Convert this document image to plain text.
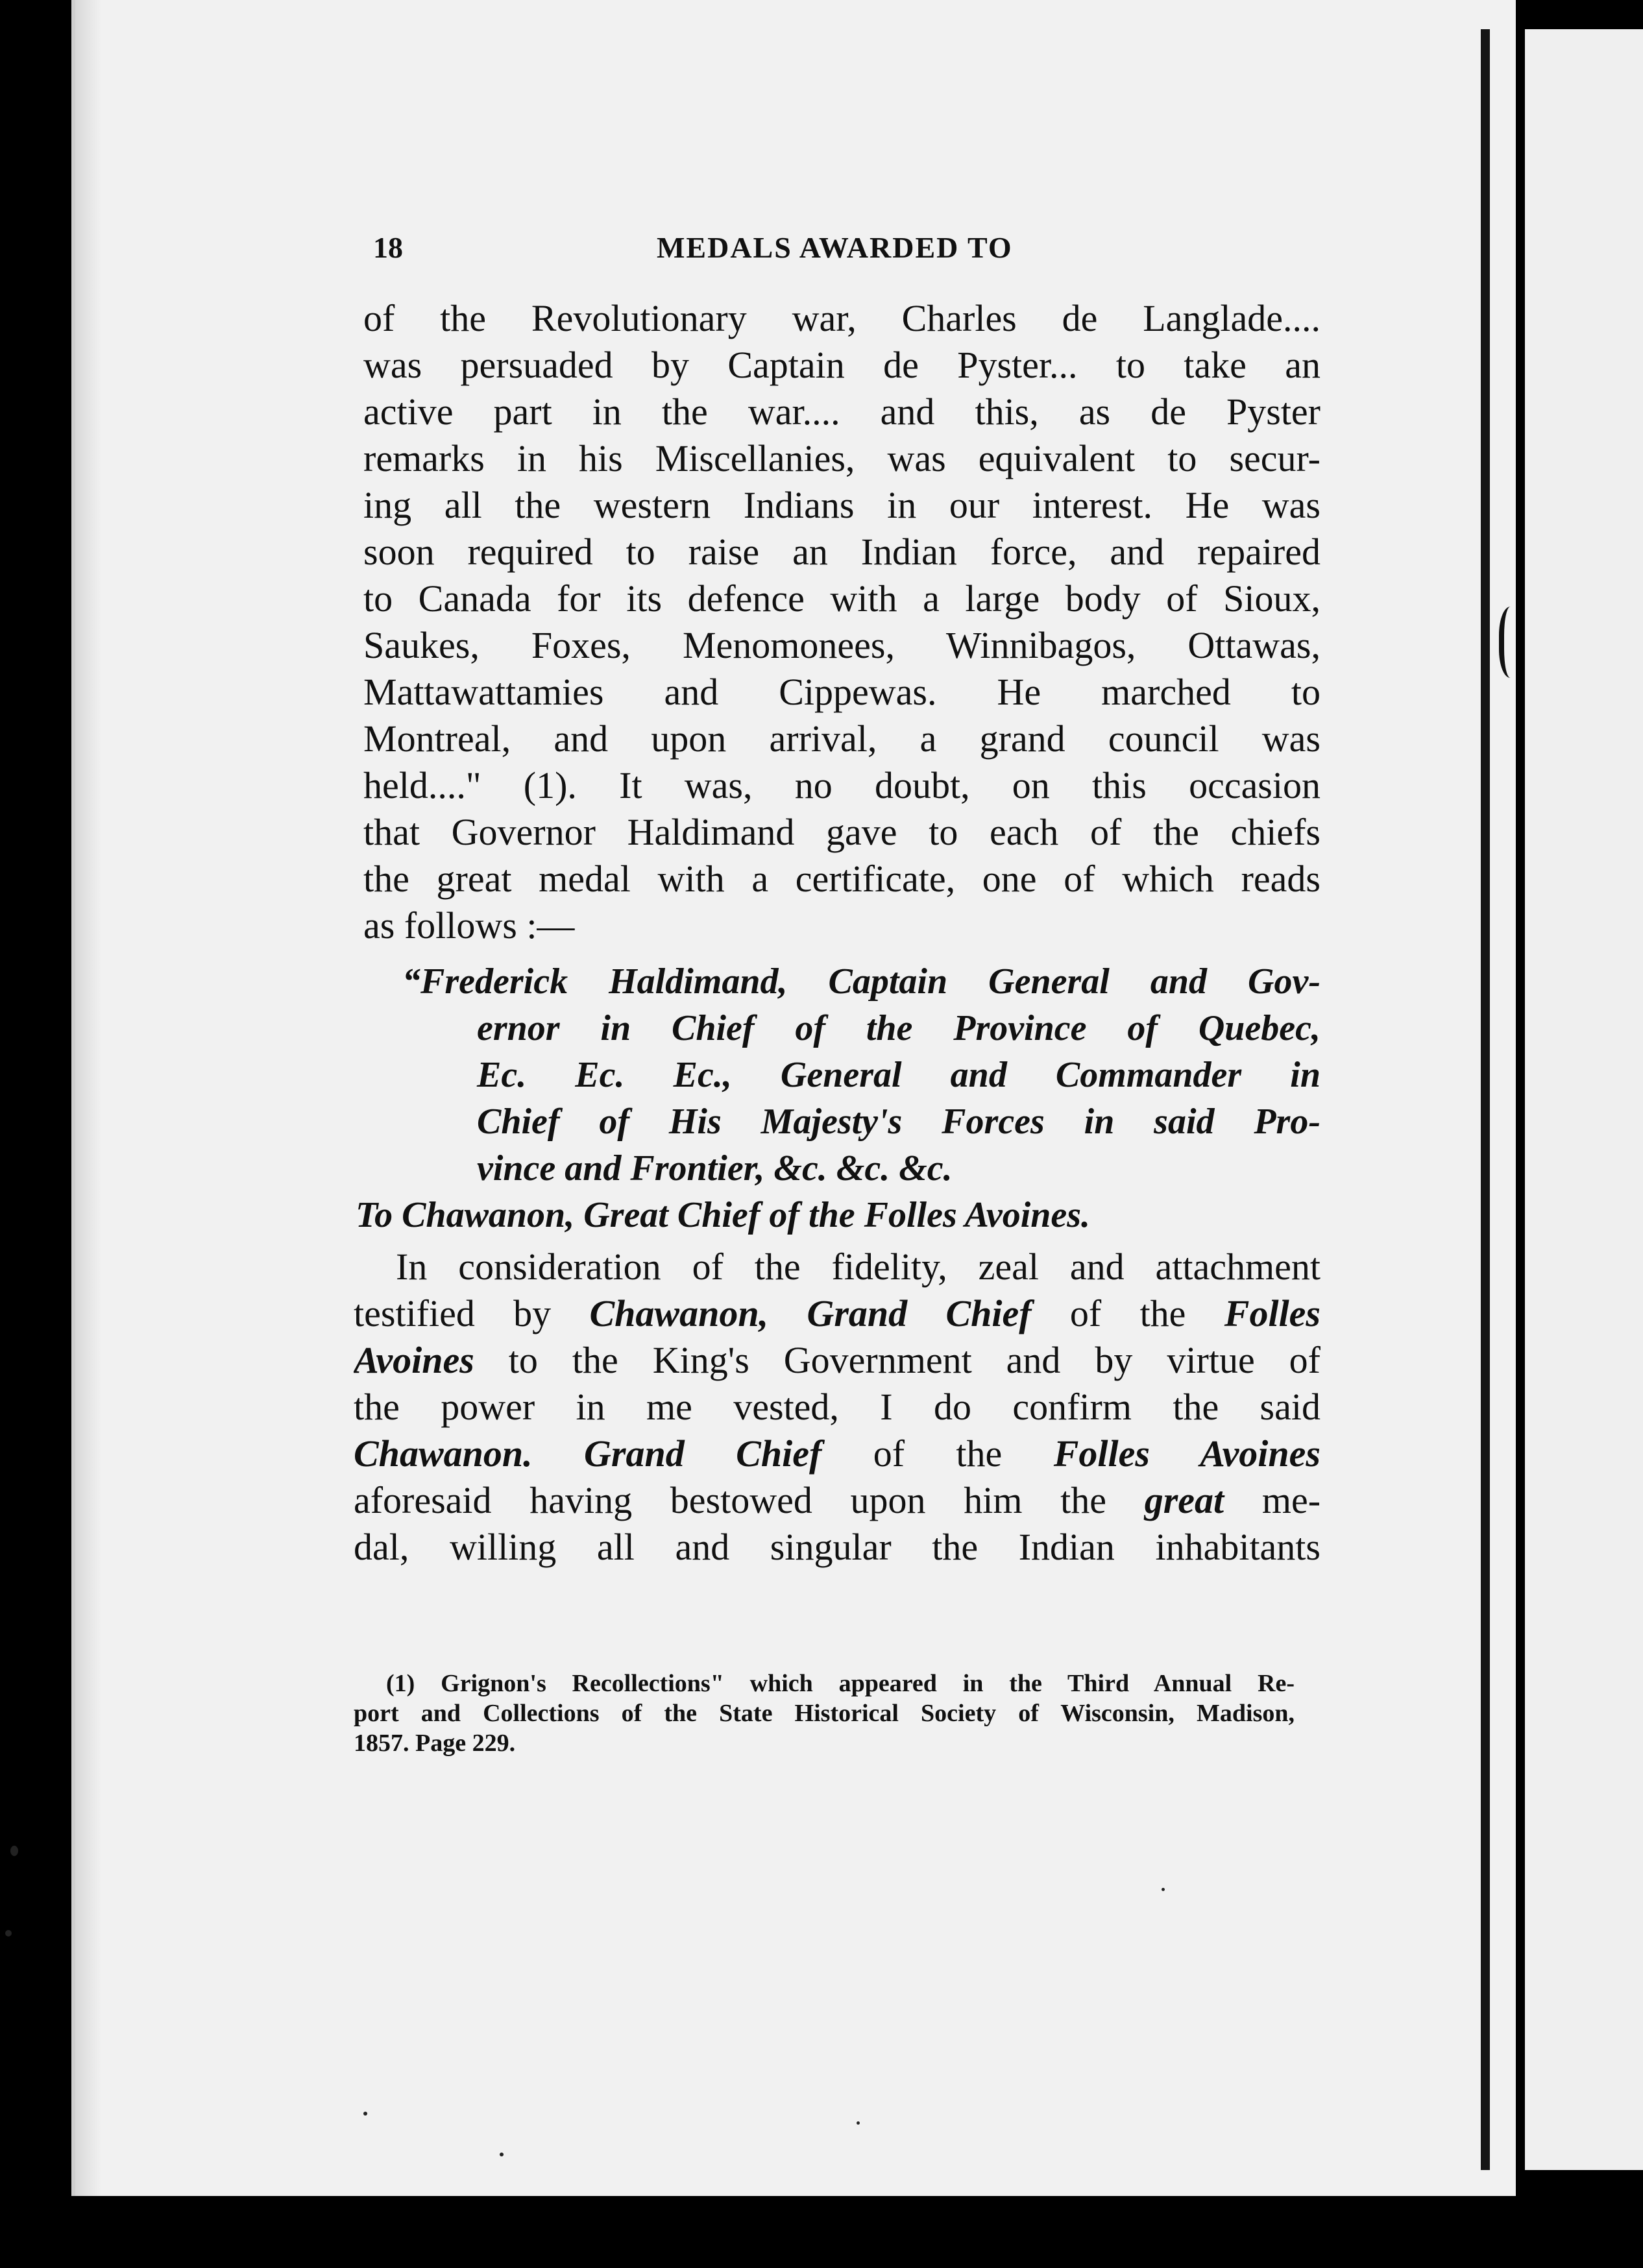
18	MEDALS AWARDED TO
of the Revolutionary war, Charles de Langlade....
was persuaded by Captain de Pyster... to take an
active part in the war.... and this, as de Pyster
remarks in his Miscellanies, was equivalent to secur-
ing all the western Indians in our interest. He was
soon required to raise an Indian force, and repaired
to Canada for its defence with a large body of Sioux,
Saukes, Foxes, Menomonees, Winnibagos, Ottawas,
Mattawattamies and Cippewas. He marched to
Montreal, and upon arrival, a grand council was
held...." (1). It was, no doubt, on this occasion
that Governor Haldimand gave to each of the chiefs
the great medal with a certificate, one of which reads
as follows :—
“Frederick Haldimand, Captain General and Gov-
ernor in Chief of the Province of Quebec,
Ec. Ec. Ec., General and Commander in
Chief of His Majesty's Forces in said Pro-
vince and Frontier, &c. &c. &c.
To Chawanon, Great Chief of the Folles Avoines.
In consideration of the fidelity, zeal and attachment
testified by Chawanon, Grand Chief of the Folles
Avoines to the King's Government and by virtue of
the power in me vested, I do confirm the said
Chawanon. Grand Chief of the Folles Avoines
aforesaid having bestowed upon him the great me-
dal, willing all and singular the Indian inhabitants
(1) Grignon's Recollections" which appeared in the Third Annual Re-
port and Collections of the State Historical Society of Wisconsin, Madison,
1857. Page 229.
